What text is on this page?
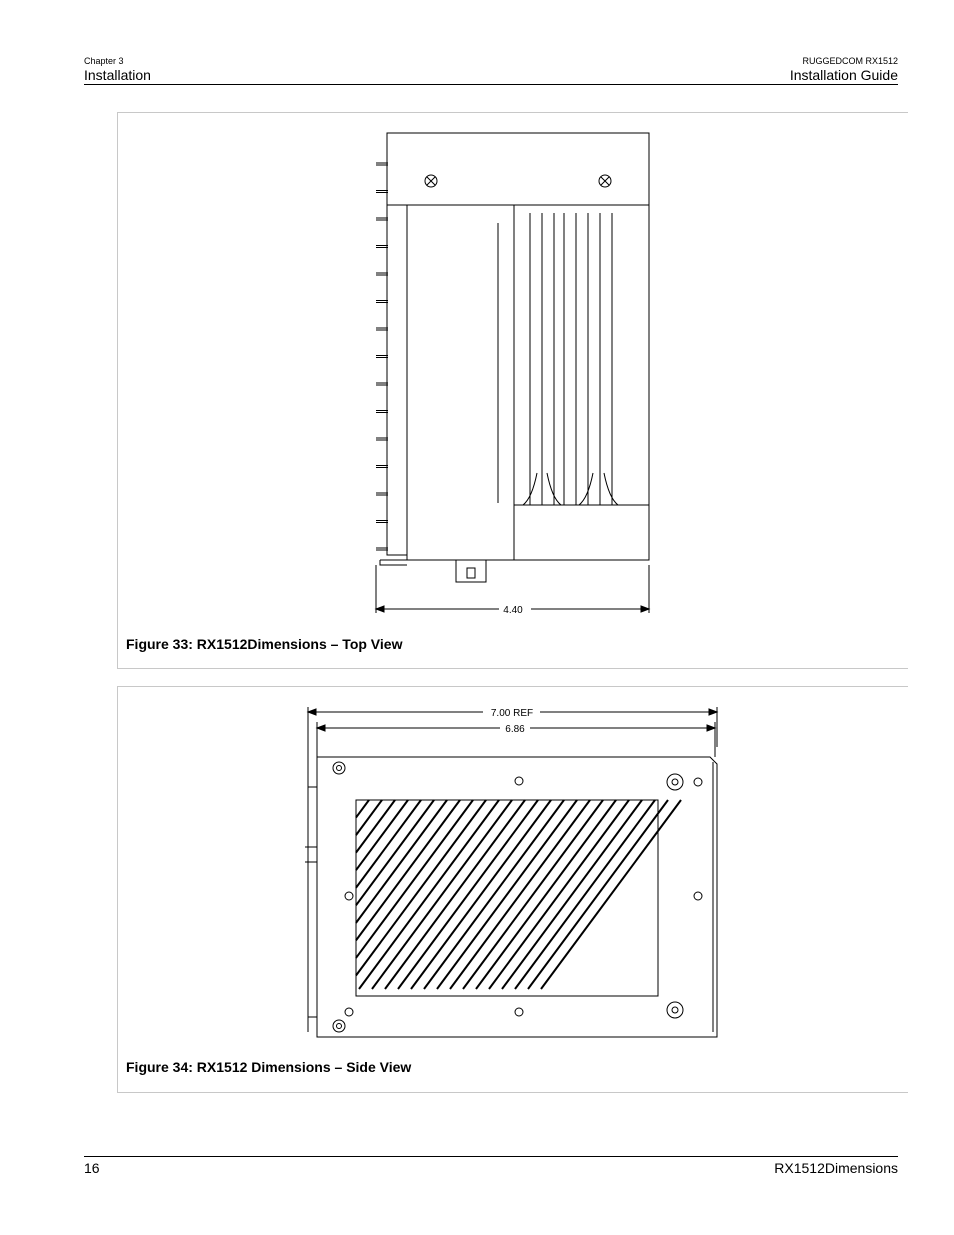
Chapter 3
Installation
RUGGEDCOM RX1512
Installation Guide
4.40
Figure 33: RX1512Dimensions – Top View
7.00 REF
6.86
Figure 34: RX1512 Dimensions – Side View
16	RX1512Dimensions
